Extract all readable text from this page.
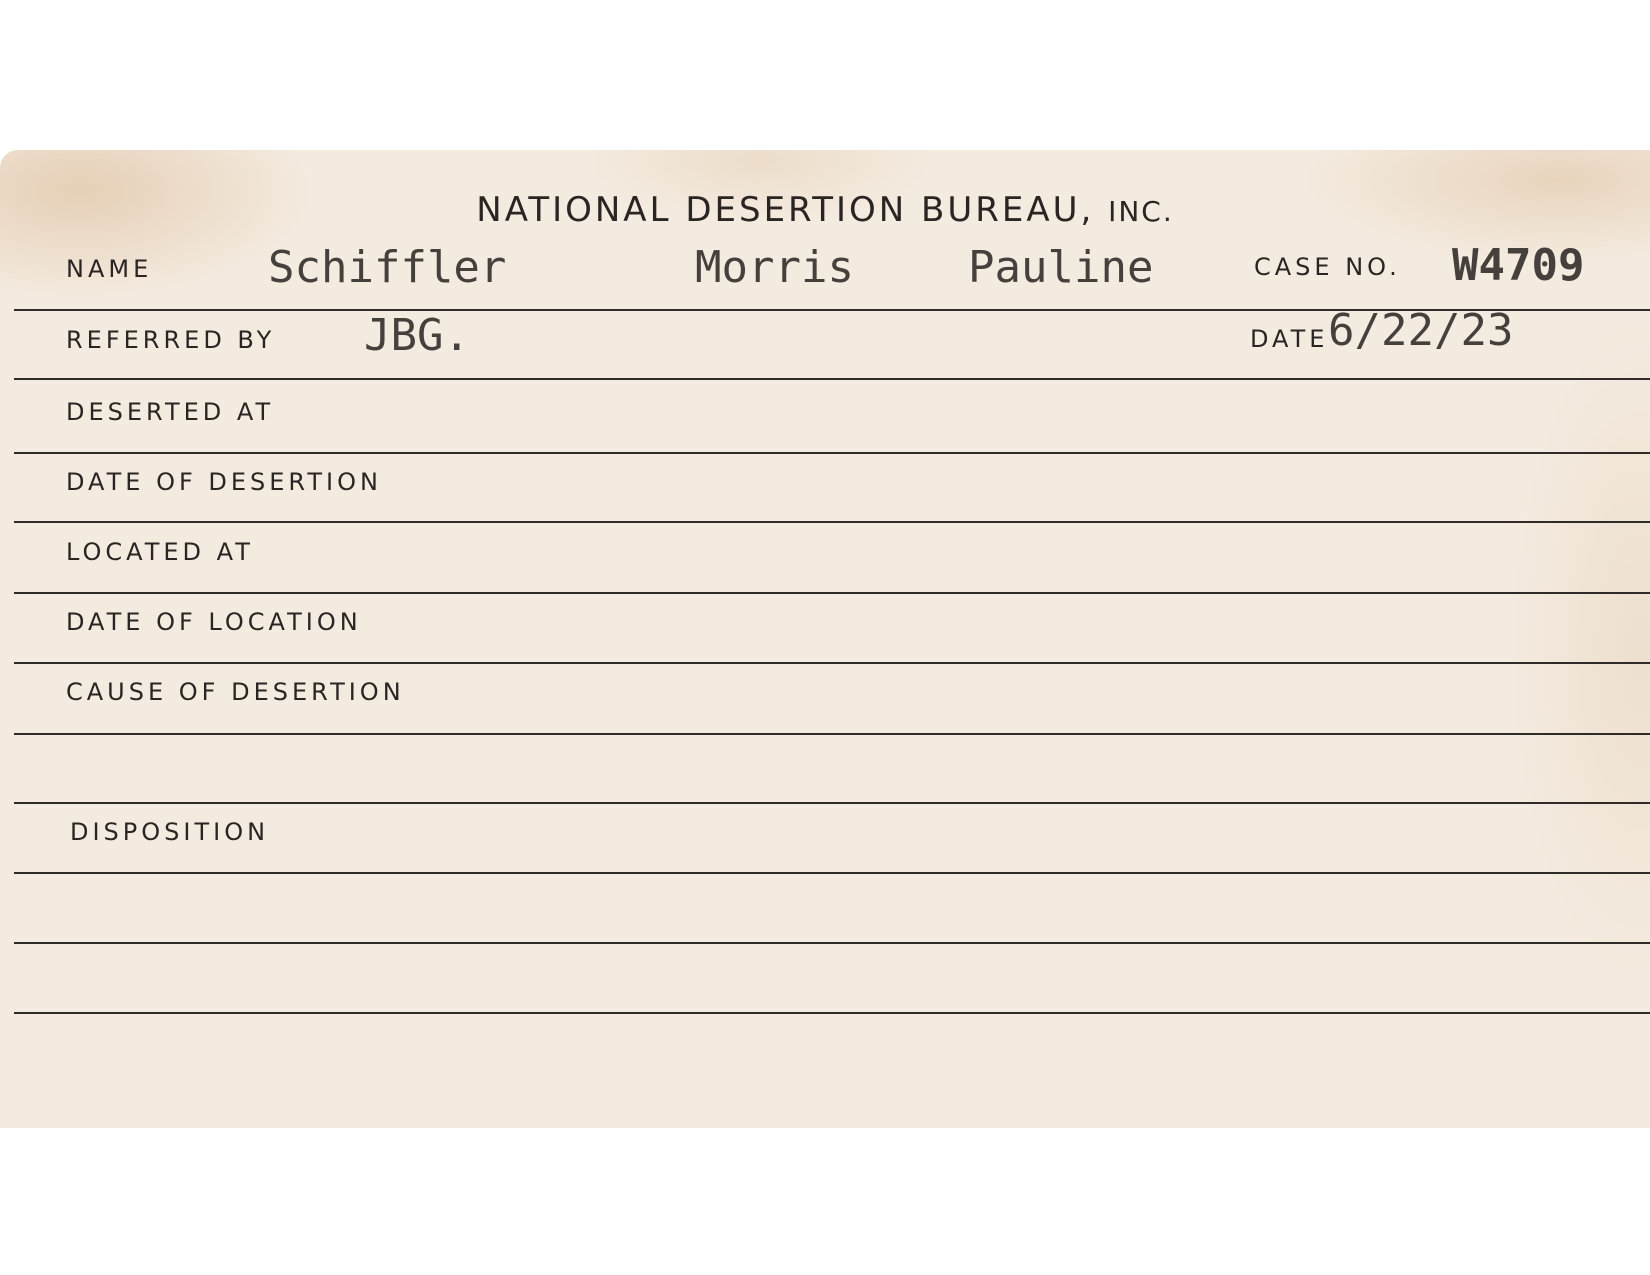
NATIONAL DESERTION BUREAU, INC.
NAME	Schiffler	Morris	Pauline	CASE NO. W4709
REFERRED BY JBG.	DATE 6/22/23
DESERTED AT
DATE OF DESERTION
LOCATED AT
DATE OF LOCATION
CAUSE OF DESERTION
DISPOSITION
